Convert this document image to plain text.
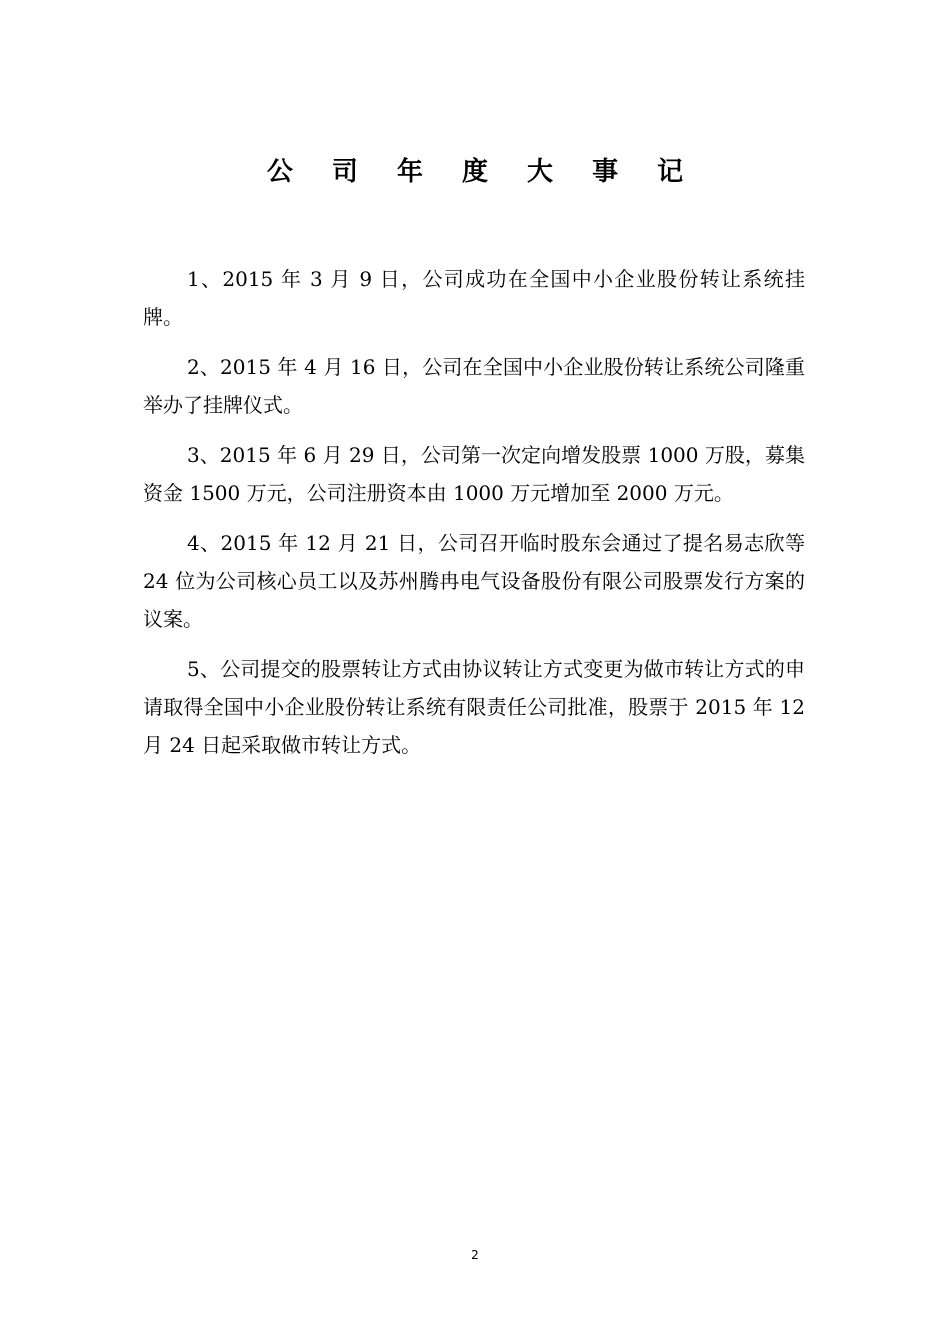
公 司 年 度 大 事 记

1、2015 年 3 月 9 日，公司成功在全国中小企业股份转让系统挂牌。

2、2015 年 4 月 16 日，公司在全国中小企业股份转让系统公司隆重举办了挂牌仪式。

3、2015 年 6 月 29 日，公司第一次定向增发股票 1000 万股，募集资金 1500 万元，公司注册资本由 1000 万元增加至 2000 万元。

4、2015 年 12 月 21 日，公司召开临时股东会通过了提名易志欣等 24 位为公司核心员工以及苏州腾冉电气设备股份有限公司股票发行方案的议案。

5、公司提交的股票转让方式由协议转让方式变更为做市转让方式的申请取得全国中小企业股份转让系统有限责任公司批准，股票于 2015 年 12 月 24 日起采取做市转让方式。

2
